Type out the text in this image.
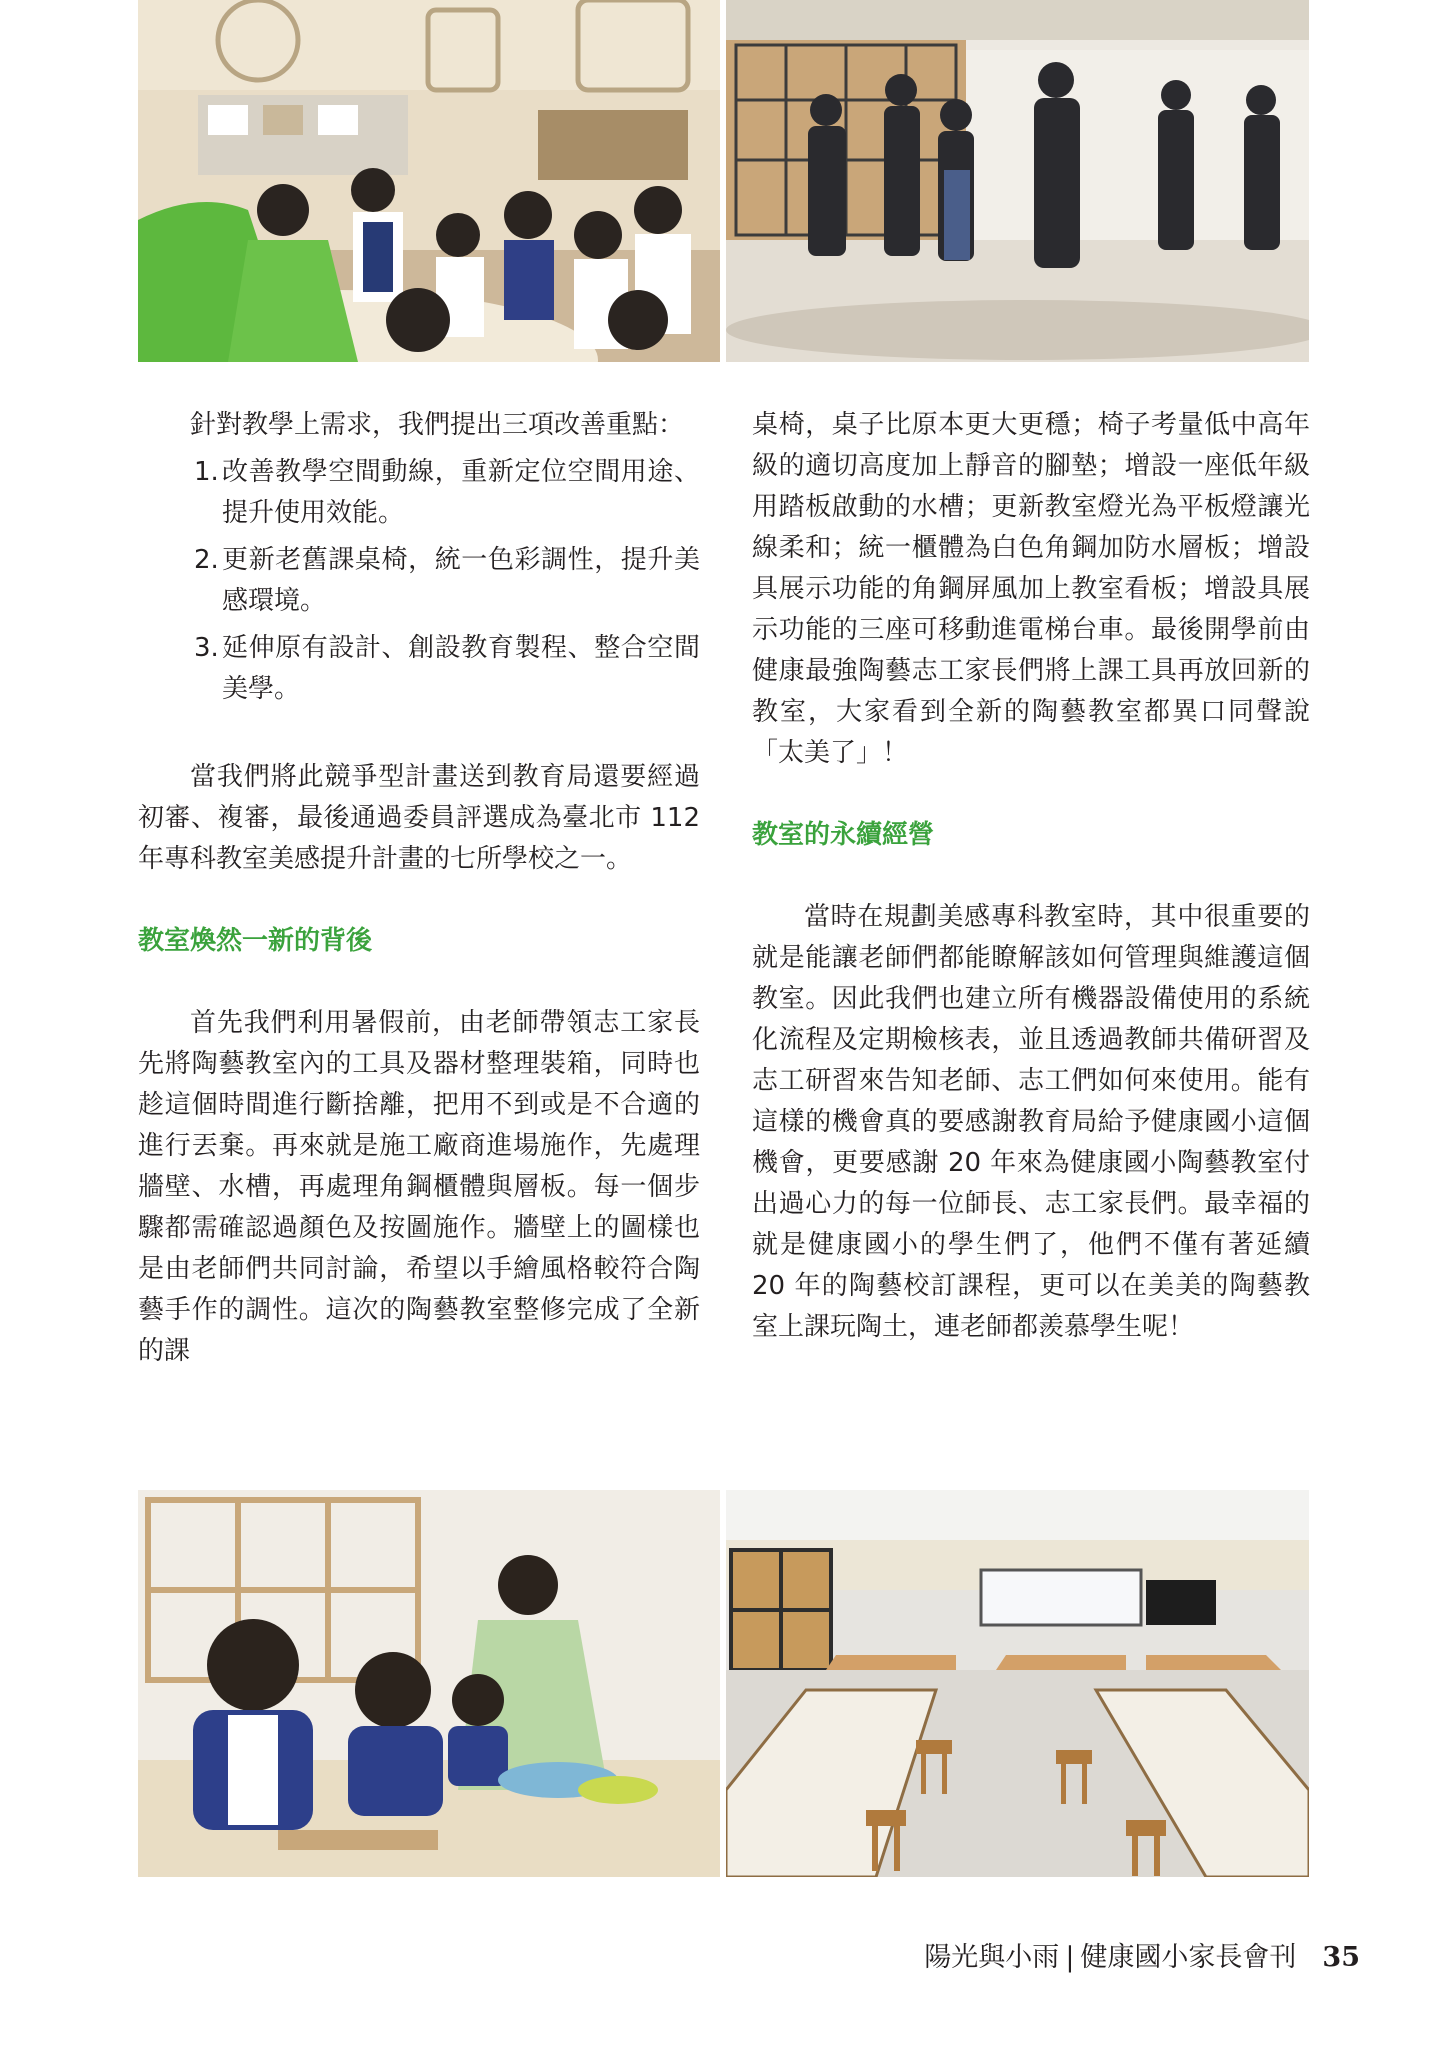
針對教學上需求，我們提出三項改善重點：

1. 改善教學空間動線，重新定位空間用途、提升使用效能。
2. 更新老舊課桌椅，統一色彩調性，提升美感環境。
3. 延伸原有設計、創設教育製程、整合空間美學。

當我們將此競爭型計畫送到教育局還要經過初審、複審，最後通過委員評選成為臺北市 112 年專科教室美感提升計畫的七所學校之一。

教室煥然一新的背後

首先我們利用暑假前，由老師帶領志工家長先將陶藝教室內的工具及器材整理裝箱，同時也趁這個時間進行斷捨離，把用不到或是不合適的進行丟棄。再來就是施工廠商進場施作，先處理牆壁、水槽，再處理角鋼櫃體與層板。每一個步驟都需確認過顏色及按圖施作。牆壁上的圖樣也是由老師們共同討論，希望以手繪風格較符合陶藝手作的調性。這次的陶藝教室整修完成了全新的課

桌椅，桌子比原本更大更穩；椅子考量低中高年級的適切高度加上靜音的腳墊；增設一座低年級用踏板啟動的水槽；更新教室燈光為平板燈讓光線柔和；統一櫃體為白色角鋼加防水層板；增設具展示功能的角鋼屏風加上教室看板；增設具展示功能的三座可移動進電梯台車。最後開學前由健康最強陶藝志工家長們將上課工具再放回新的教室，大家看到全新的陶藝教室都異口同聲說「太美了」！

教室的永續經營

當時在規劃美感專科教室時，其中很重要的就是能讓老師們都能瞭解該如何管理與維護這個教室。因此我們也建立所有機器設備使用的系統化流程及定期檢核表，並且透過教師共備研習及志工研習來告知老師、志工們如何來使用。能有這樣的機會真的要感謝教育局給予健康國小這個機會，更要感謝 20 年來為健康國小陶藝教室付出過心力的每一位師長、志工家長們。最幸福的就是健康國小的學生們了，他們不僅有著延續 20 年的陶藝校訂課程，更可以在美美的陶藝教室上課玩陶土，連老師都羨慕學生呢！

陽光與小雨 | 健康國小家長會刊 35
